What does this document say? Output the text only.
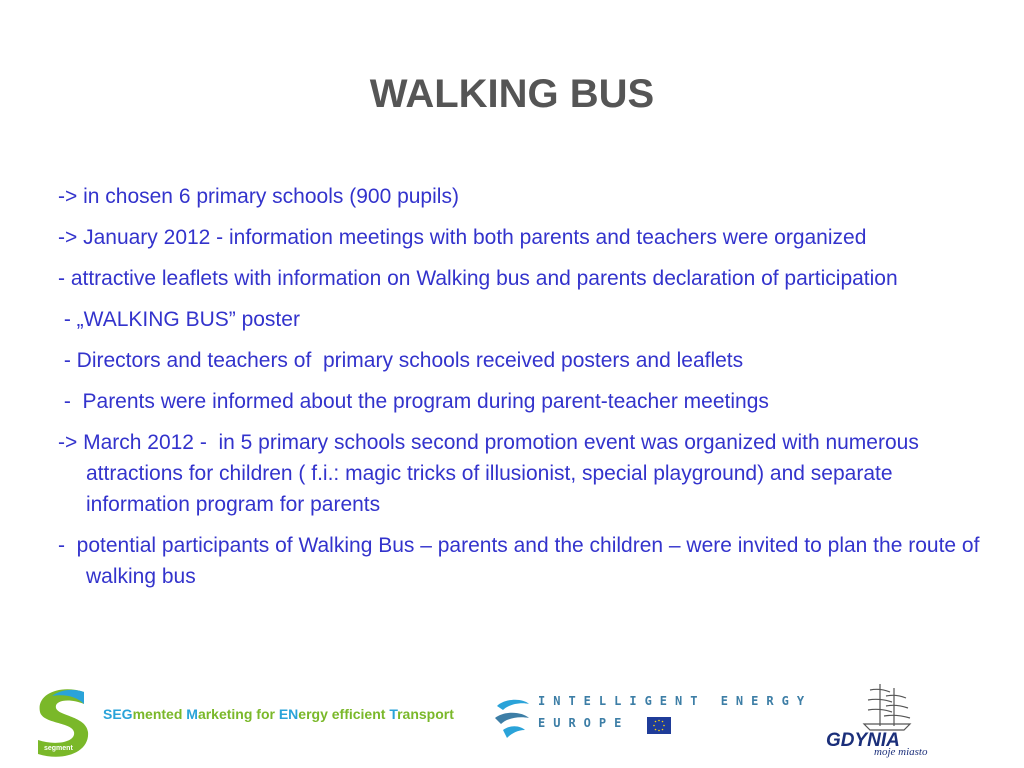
WALKING BUS

-> in chosen 6 primary schools (900 pupils)

-> January 2012 - information meetings with both parents and teachers were organized

- attractive leaflets with information on Walking bus and parents declaration of participation

- „WALKING BUS” poster

- Directors and teachers of  primary schools received posters and leaflets

-  Parents were informed about the program during parent-teacher meetings

-> March 2012 -  in 5 primary schools second promotion event was organized with numerous attractions for children ( f.i.: magic tricks of illusionist, special playground) and separate information program for parents

-  potential participants of Walking Bus – parents and the children – were invited to plan the route of walking bus

segment
SEGmented Marketing for ENergy efficient Transport
INTELLIGENT ENERGY
EUROPE
GDYNIA
moje miasto
